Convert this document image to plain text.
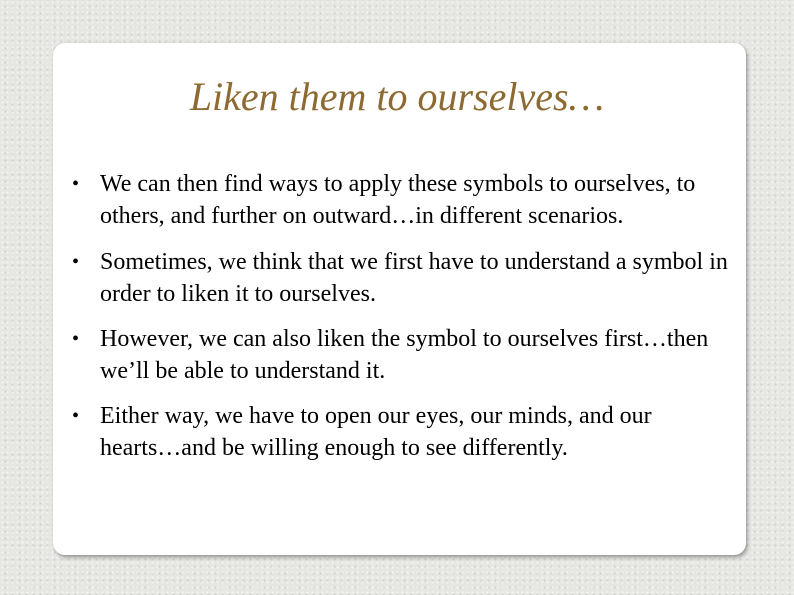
Liken them to ourselves…
• We can then find ways to apply these symbols to ourselves, to others, and further on outward…in different scenarios.
• Sometimes, we think that we first have to understand a symbol in order to liken it to ourselves.
• However, we can also liken the symbol to ourselves first…then we’ll be able to understand it.
• Either way, we have to open our eyes, our minds, and our hearts…and be willing enough to see differently.
